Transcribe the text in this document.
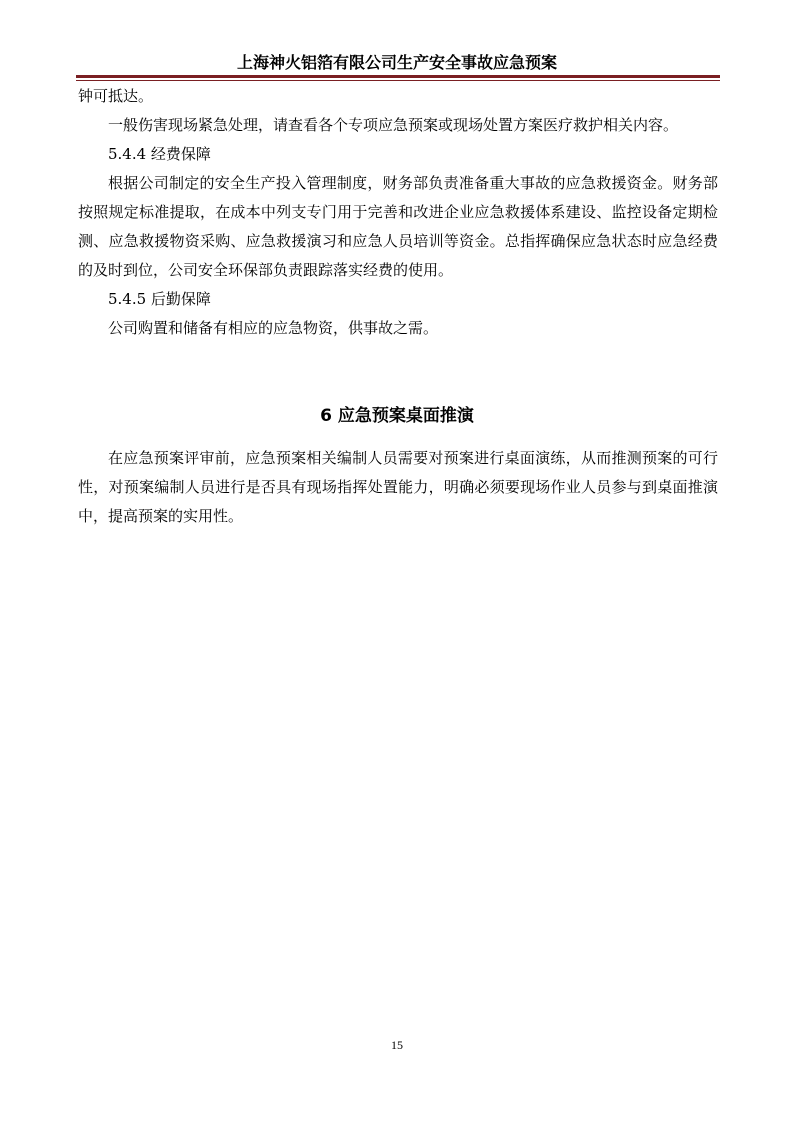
上海神火铝箔有限公司生产安全事故应急预案

钟可抵达。

一般伤害现场紧急处理，请查看各个专项应急预案或现场处置方案医疗救护相关内容。

5.4.4 经费保障

根据公司制定的安全生产投入管理制度，财务部负责准备重大事故的应急救援资金。财务部按照规定标准提取，在成本中列支专门用于完善和改进企业应急救援体系建设、监控设备定期检测、应急救援物资采购、应急救援演习和应急人员培训等资金。总指挥确保应急状态时应急经费的及时到位，公司安全环保部负责跟踪落实经费的使用。

5.4.5 后勤保障

公司购置和储备有相应的应急物资，供事故之需。

6 应急预案桌面推演

在应急预案评审前，应急预案相关编制人员需要对预案进行桌面演练，从而推测预案的可行性，对预案编制人员进行是否具有现场指挥处置能力，明确必须要现场作业人员参与到桌面推演中，提高预案的实用性。

15
